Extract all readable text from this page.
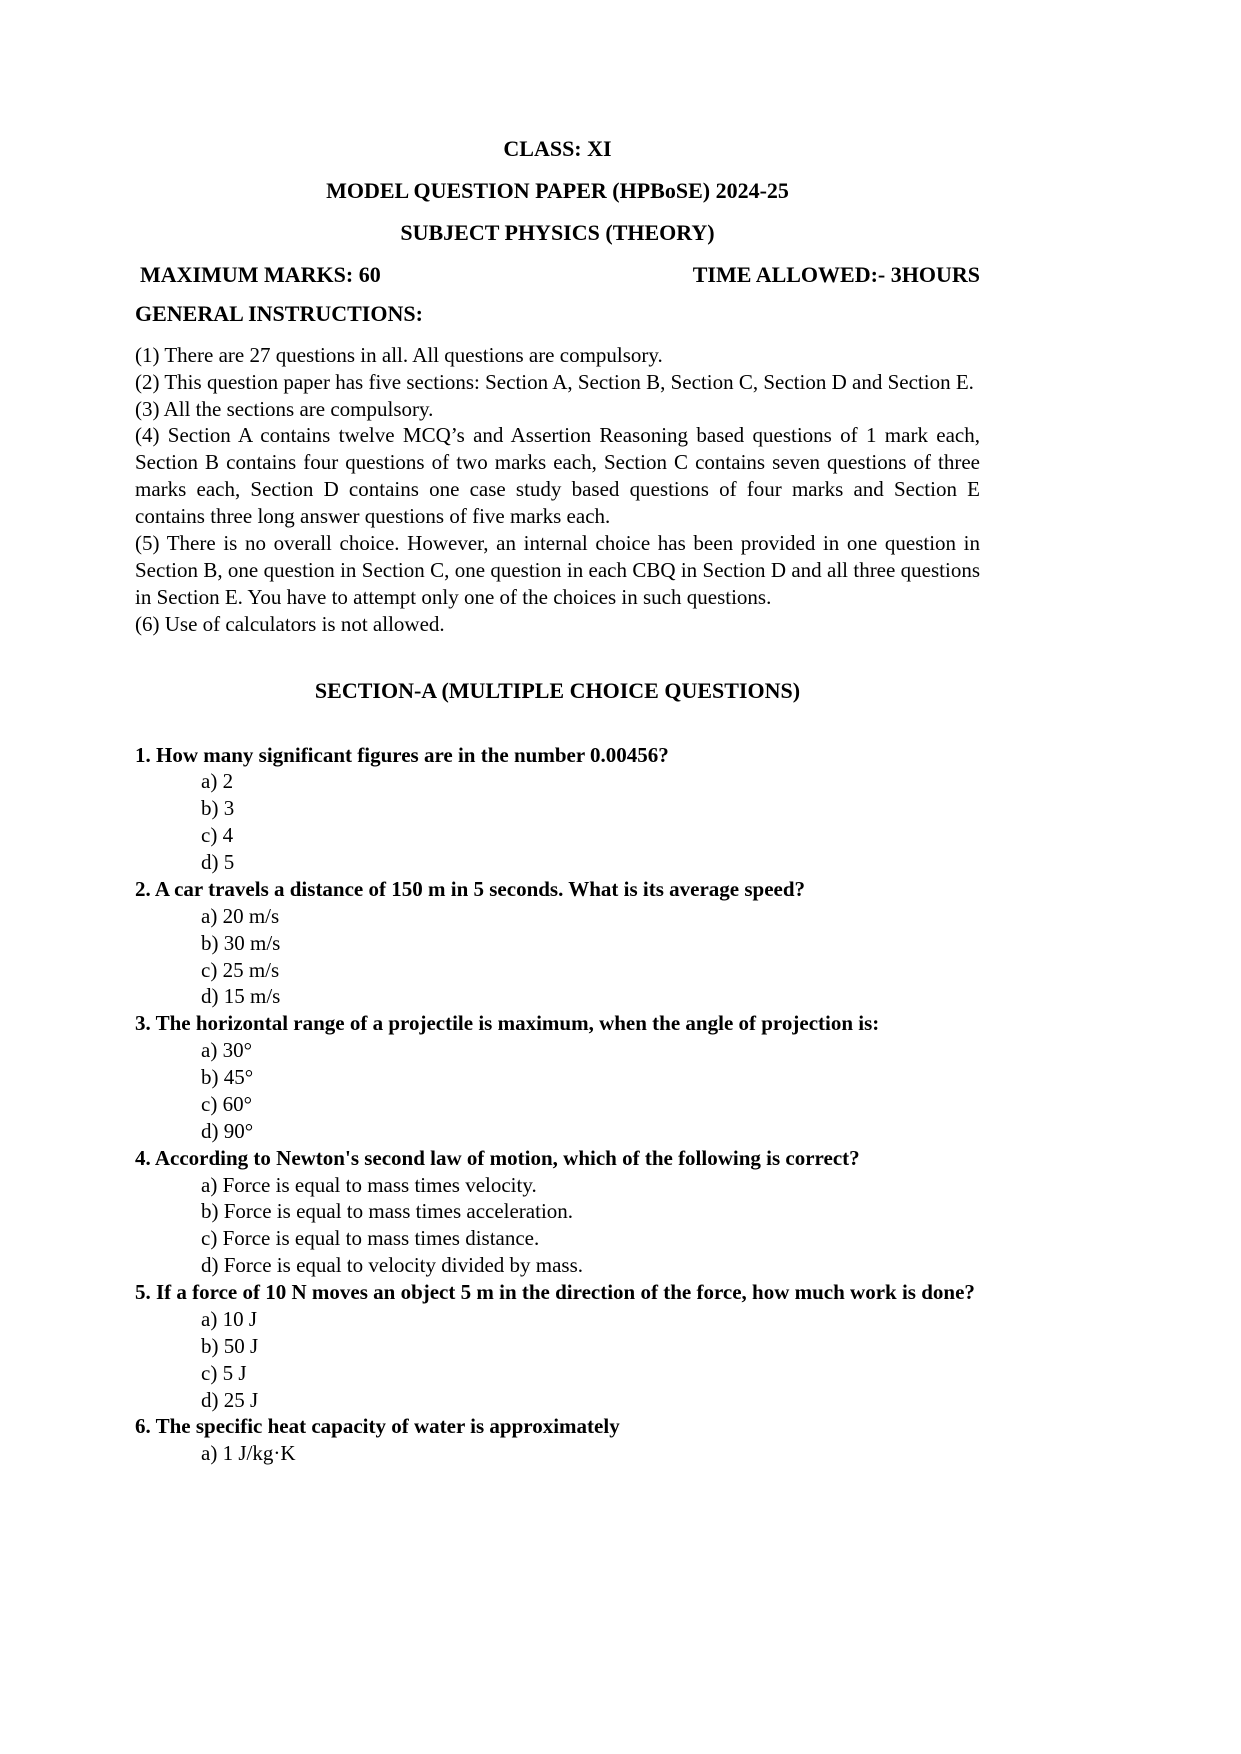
CLASS: XI
MODEL QUESTION PAPER (HPBoSE) 2024-25
SUBJECT PHYSICS (THEORY)
MAXIMUM MARKS: 60	TIME ALLOWED:- 3HOURS
GENERAL INSTRUCTIONS:

(1) There are 27 questions in all. All questions are compulsory.

(2) This question paper has five sections: Section A, Section B, Section C, Section D and Section E.

(3) All the sections are compulsory.

(4) Section A contains twelve MCQ’s and Assertion Reasoning based questions of 1 mark each, Section B contains four questions of two marks each, Section C contains seven questions of three marks each, Section D contains one case study based questions of four marks and Section E contains three long answer questions of five marks each.

(5) There is no overall choice. However, an internal choice has been provided in one question in Section B, one question in Section C, one question in each CBQ in Section D and all three questions in Section E. You have to attempt only one of the choices in such questions.

(6) Use of calculators is not allowed.

SECTION-A (MULTIPLE CHOICE QUESTIONS)

1. How many significant figures are in the number 0.00456?

a) 2

b) 3

c) 4

d) 5

2. A car travels a distance of 150 m in 5 seconds. What is its average speed?

a) 20 m/s

b) 30 m/s

c) 25 m/s

d) 15 m/s

3. The horizontal range of a projectile is maximum, when the angle of projection is:

a) 30°

b) 45°

c) 60°

d) 90°

4. According to Newton's second law of motion, which of the following is correct?

a) Force is equal to mass times velocity.

b) Force is equal to mass times acceleration.

c) Force is equal to mass times distance.

d) Force is equal to velocity divided by mass.

5. If a force of 10 N moves an object 5 m in the direction of the force, how much work is done?

a) 10 J

b) 50 J

c) 5 J

d) 25 J

6. The specific heat capacity of water is approximately

a) 1 J/kg·K
